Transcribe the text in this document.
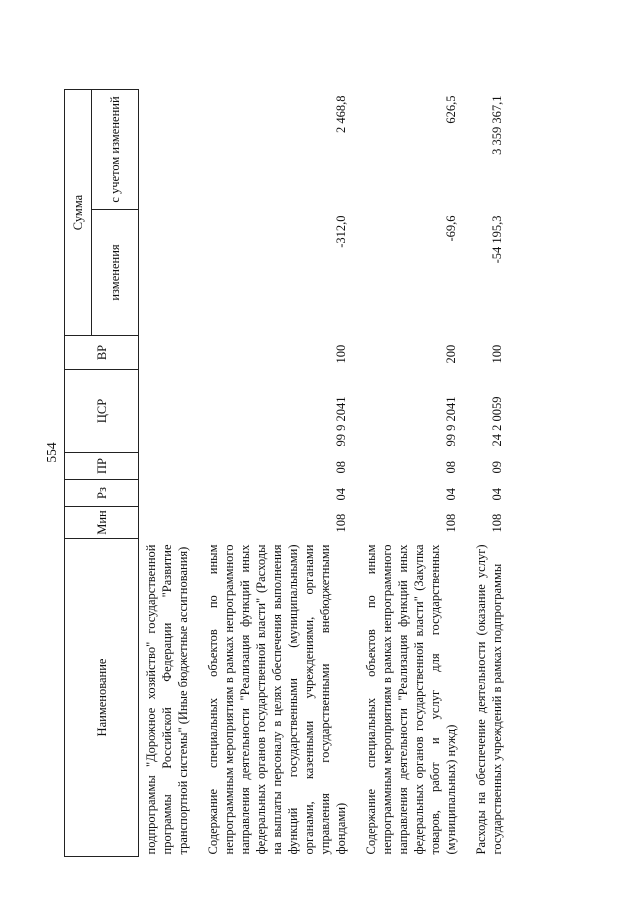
554
Наименование	Мин	Рз	ПР	ЦСР	ВР	Сумма	
						изменения	с учетом изменений
подпрограммы "Дорожное хозяйство" государственной программы Российской Федерации "Развитие транспортной системы" (Иные бюджетные ассигнования)							
Содержание специальных объектов по иным непрограммным мероприятиям в рамках непрограммного направления деятельности "Реализация функций иных федеральных органов государственной власти" (Расходы на выплаты персоналу в целях обеспечения выполнения функций государственными (муниципальными) органами, казенными учреждениями, органами управления государственными внебюджетными фондами)	108	04	08	99 9 2041	100	-312,0	2 468,8
Содержание специальных объектов по иным непрограммным мероприятиям в рамках непрограммного направления деятельности "Реализация функций иных федеральных органов государственной власти" (Закупка товаров, работ и услуг для государственных (муниципальных) нужд)	108	04	08	99 9 2041	200	-69,6	626,5
Расходы на обеспечение деятельности (оказание услуг) государственных учреждений в рамках подпрограммы	108	04	09	24 2 0059	100	-54 195,3	3 359 367,1
